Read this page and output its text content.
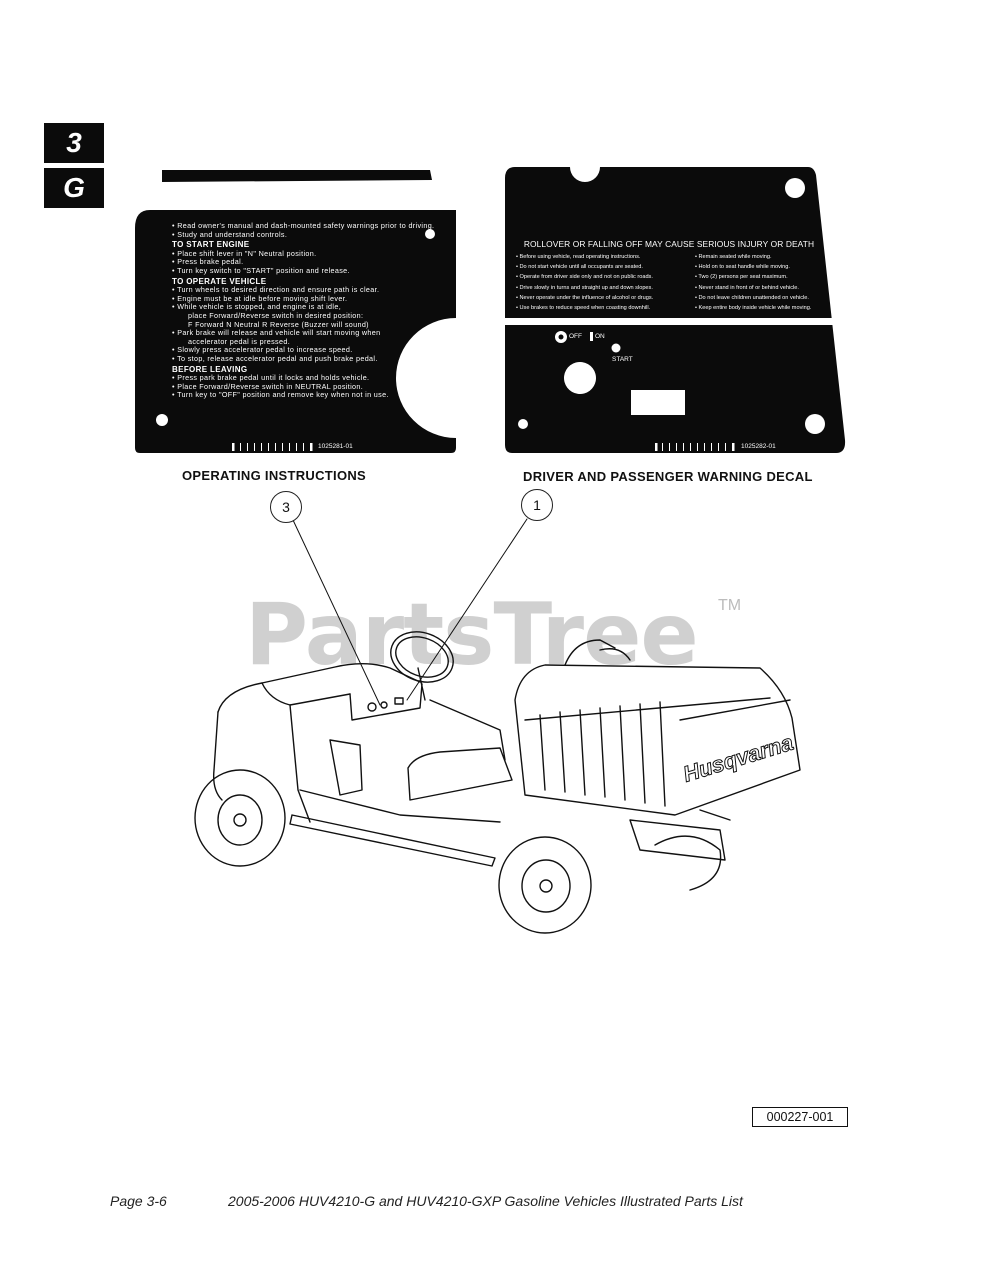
3
G
• Read owner's manual and dash-mounted safety warnings prior to driving.
• Study and understand controls.
TO START ENGINE
• Place shift lever in "N" Neutral position.
• Press brake pedal.
• Turn key switch to "START" position and release.
TO OPERATE VEHICLE
• Turn wheels to desired direction and ensure path is clear.
• Engine must be at idle before moving shift lever.
• While vehicle is stopped, and engine is at idle,
place Forward/Reverse switch in desired position:
F Forward N Neutral R Reverse (Buzzer will sound)
• Park brake will release and vehicle will start moving when
accelerator pedal is pressed.
• Slowly press accelerator pedal to increase speed.
• To stop, release accelerator pedal and push brake pedal.
BEFORE LEAVING
• Press park brake pedal until it locks and holds vehicle.
• Place Forward/Reverse switch in NEUTRAL position.
• Turn key to "OFF" position and remove key when not in use.
1025281-01
ROLLOVER OR FALLING OFF MAY CAUSE SERIOUS INJURY OR DEATH
• Before using vehicle, read operating instructions.
• Do not start vehicle until all occupants are seated.
• Operate from driver side only and not on public roads.
• Drive slowly in turns and straight up and down slopes.
• Never operate under the influence of alcohol or drugs.
• Use brakes to reduce speed when coasting downhill.
• Remain seated while moving.
• Hold on to seat handle while moving.
• Two (2) persons per seat maximum.
• Never stand in front of or behind vehicle.
• Do not leave children unattended on vehicle.
• Keep entire body inside vehicle while moving.
OFF ON
START
1025282-01
OPERATING INSTRUCTIONS	DRIVER AND PASSENGER WARNING DECAL
PartsTree TM
Husqvarna
3	1
000227-001
Page 3-6	2005-2006 HUV4210-G and HUV4210-GXP Gasoline Vehicles Illustrated Parts List
